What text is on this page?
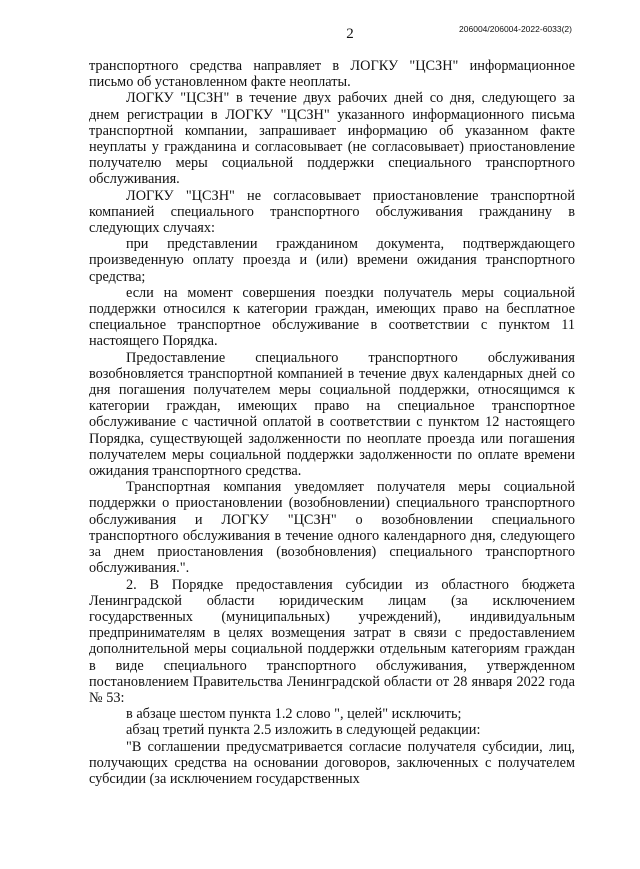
2	206004/206004-2022-6033(2)

транспортного средства направляет в ЛОГКУ "ЦСЗН" информационное письмо об установленном факте неоплаты.

ЛОГКУ "ЦСЗН" в течение двух рабочих дней со дня, следующего за днем регистрации в ЛОГКУ "ЦСЗН" указанного информационного письма транспортной компании, запрашивает информацию об указанном факте неуплаты у гражданина и согласовывает (не согласовывает) приостановление получателю меры социальной поддержки специального транспортного обслуживания.

ЛОГКУ "ЦСЗН" не согласовывает приостановление транспортной компанией специального транспортного обслуживания гражданину в следующих случаях:

при представлении гражданином документа, подтверждающего произведенную оплату проезда и (или) времени ожидания транспортного средства;

если на момент совершения поездки получатель меры социальной поддержки относился к категории граждан, имеющих право на бесплатное специальное транспортное обслуживание в соответствии с пунктом 11 настоящего Порядка.

Предоставление специального транспортного обслуживания возобновляется транспортной компанией в течение двух календарных дней со дня погашения получателем меры социальной поддержки, относящимся к категории граждан, имеющих право на специальное транспортное обслуживание с частичной оплатой в соответствии с пунктом 12 настоящего Порядка, существующей задолженности по неоплате проезда или погашения получателем меры социальной поддержки задолженности по оплате времени ожидания транспортного средства.

Транспортная компания уведомляет получателя меры социальной поддержки о приостановлении (возобновлении) специального транспортного обслуживания и ЛОГКУ "ЦСЗН" о возобновлении специального транспортного обслуживания в течение одного календарного дня, следующего за днем приостановления (возобновления) специального транспортного обслуживания.".

2. В Порядке предоставления субсидии из областного бюджета Ленинградской области юридическим лицам (за исключением государственных (муниципальных) учреждений), индивидуальным предпринимателям в целях возмещения затрат в связи с предоставлением дополнительной меры социальной поддержки отдельным категориям граждан в виде специального транспортного обслуживания, утвержденном постановлением Правительства Ленинградской области от 28 января 2022 года № 53:

в абзаце шестом пункта 1.2 слово ", целей" исключить;

абзац третий пункта 2.5 изложить в следующей редакции:

"В соглашении предусматривается согласие получателя субсидии, лиц, получающих средства на основании договоров, заключенных с получателем субсидии (за исключением государственных
